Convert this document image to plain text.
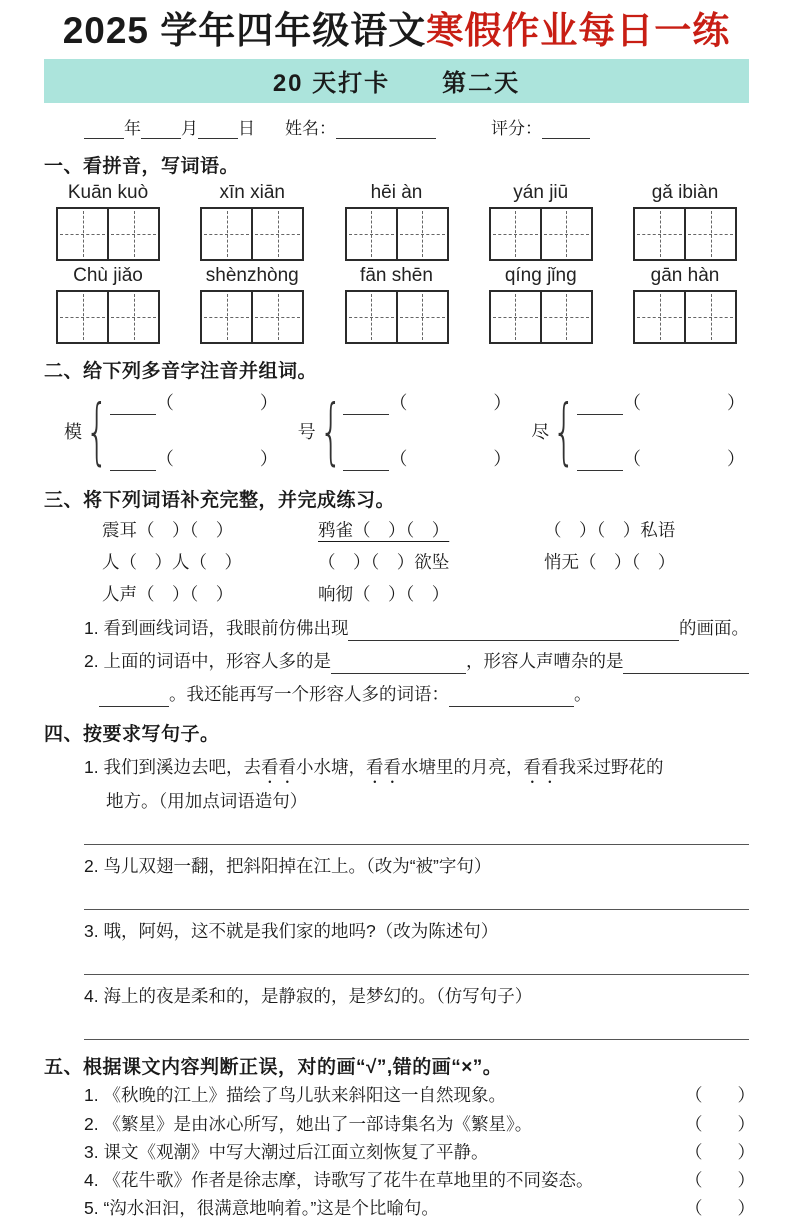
2025 学年四年级语文寒假作业每日一练
20 天打卡　　第二天
年 月 日 姓名：	评分：
一、看拼音，写词语。
Kuān kuò	xīn xiān	hēi àn	yán jiū	gǎ ibiàn
Chù jiǎo	shènzhòng	fān shēn	qíng jǐng	gān hàn
二、给下列多音字注音并组词。
模 {	（	）
（	）
号 {	（	）
（	）
尽 {	（	）
（	）
三、将下列词语补充完整，并完成练习。
震耳（　）（　）	鸦雀（　）（　）	（　）（　）私语
人（　）人（　）	（　）（　）欲坠	悄无（　）（　）
人声（　）（　）	响彻（　）（　）
1. 看到画线词语，我眼前仿佛出现	的画面。
2. 上面的词语中，形容人多的是	，形容人声嘈杂的是
。我还能再写一个形容人多的词语：	。
四、按要求写句子。
1. 我们到溪边去吧，去看看小水塘，看看水塘里的月亮，看看我采过野花的
地方。（用加点词语造句）
2. 鸟儿双翅一翻，把斜阳掉在江上。（改为“被”字句）
3. 哦，阿妈，这不就是我们家的地吗?（改为陈述句）
4. 海上的夜是柔和的，是静寂的，是梦幻的。（仿写句子）
五、根据课文内容判断正误，对的画“√”,错的画“×”。
1. 《秋晚的江上》描绘了鸟儿驮来斜阳这一自然现象。	（　　）
2. 《繁星》是由冰心所写，她出了一部诗集名为《繁星》。	（　　）
3. 课文《观潮》中写大潮过后江面立刻恢复了平静。	（　　）
4. 《花牛歌》作者是徐志摩，诗歌写了花牛在草地里的不同姿态。	（　　）
5. “沟水汩汩，很满意地响着。”这是个比喻句。	（　　）
